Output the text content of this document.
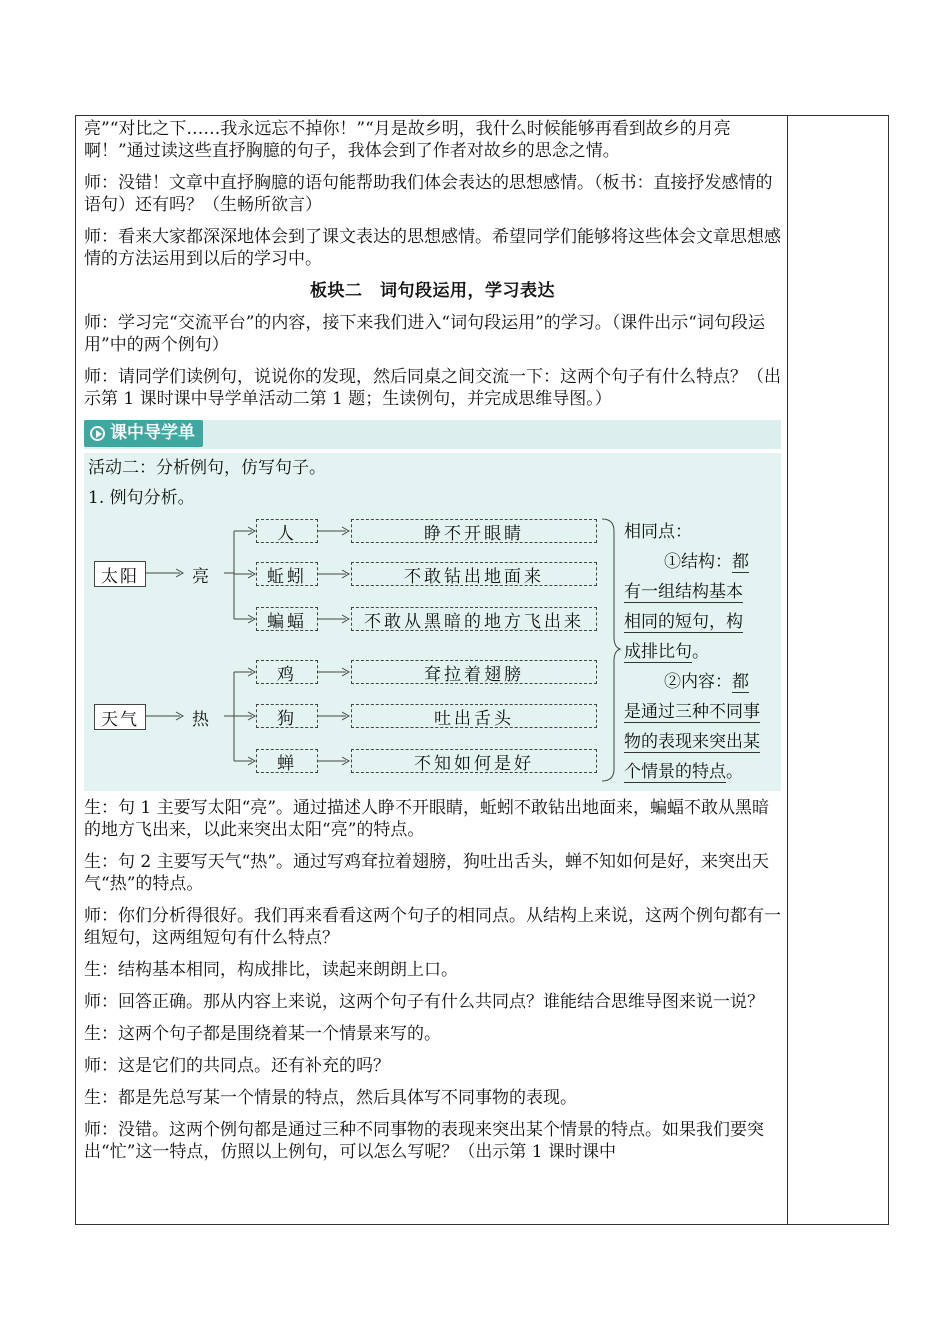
亮”“对比之下……我永远忘不掉你！”“月是故乡明，我什么时候能够再看到故乡的月亮啊！”通过读这些直抒胸臆的句子，我体会到了作者对故乡的思念之情。

师：没错！文章中直抒胸臆的语句能帮助我们体会表达的思想感情。（板书：直接抒发感情的语句）还有吗？（生畅所欲言）

师：看来大家都深深地体会到了课文表达的思想感情。希望同学们能够将这些体会文章思想感情的方法运用到以后的学习中。

板块二　词句段运用，学习表达

师：学习完“交流平台”的内容，接下来我们进入“词句段运用”的学习。（课件出示“词句段运用”中的两个例句）

师：请同学们读例句，说说你的发现，然后同桌之间交流一下：这两个句子有什么特点？（出示第 1 课时课中导学单活动二第 1 题；生读例句，并完成思维导图。）

课中导学单

活动二：分析例句，仿写句子。

1. 例句分析。

太阳	亮
人
蚯蚓
蝙蝠
睁不开眼睛
不敢钻出地面来
不敢从黑暗的地方飞出来
天气	热
鸡
狗
蝉
耷拉着翅膀
吐出舌头
不知如何是好
相同点：
①结构：都
有一组结构基本
相同的短句，构
成排比句。
②内容：都
是通过三种不同事
物的表现来突出某
个情景的特点。

生：句 1 主要写太阳“亮”。通过描述人睁不开眼睛，蚯蚓不敢钻出地面来，蝙蝠不敢从黑暗的地方飞出来，以此来突出太阳“亮”的特点。

生：句 2 主要写天气“热”。通过写鸡耷拉着翅膀，狗吐出舌头，蝉不知如何是好，来突出天气“热”的特点。

师：你们分析得很好。我们再来看看这两个句子的相同点。从结构上来说，这两个例句都有一组短句，这两组短句有什么特点？

生：结构基本相同，构成排比，读起来朗朗上口。

师：回答正确。那从内容上来说，这两个句子有什么共同点？谁能结合思维导图来说一说？

生：这两个句子都是围绕着某一个情景来写的。

师：这是它们的共同点。还有补充的吗？

生：都是先总写某一个情景的特点，然后具体写不同事物的表现。

师：没错。这两个例句都是通过三种不同事物的表现来突出某个情景的特点。如果我们要突出“忙”这一特点，仿照以上例句，可以怎么写呢？（出示第 1 课时课中
